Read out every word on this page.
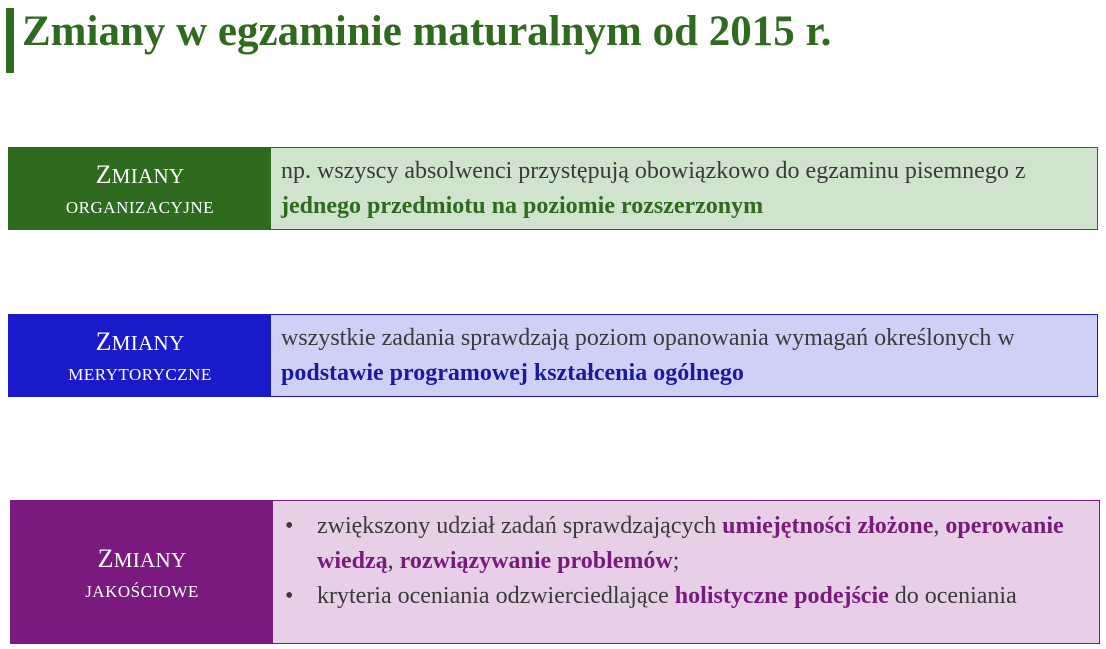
Zmiany w egzaminie maturalnym od 2015 r.
ZMIANY
ORGANIZACYJNE
np. wszyscy absolwenci przystępują obowiązkowo do egzaminu pisemnego z jednego przedmiotu na poziomie rozszerzonym
ZMIANY
MERYTORYCZNE
wszystkie zadania sprawdzają poziom opanowania wymagań określonych w podstawie programowej kształcenia ogólnego
ZMIANY
JAKOŚCIOWE
• zwiększony udział zadań sprawdzających umiejętności złożone, operowanie wiedzą, rozwiązywanie problemów;
• kryteria oceniania odzwierciedlające holistyczne podejście do oceniania
